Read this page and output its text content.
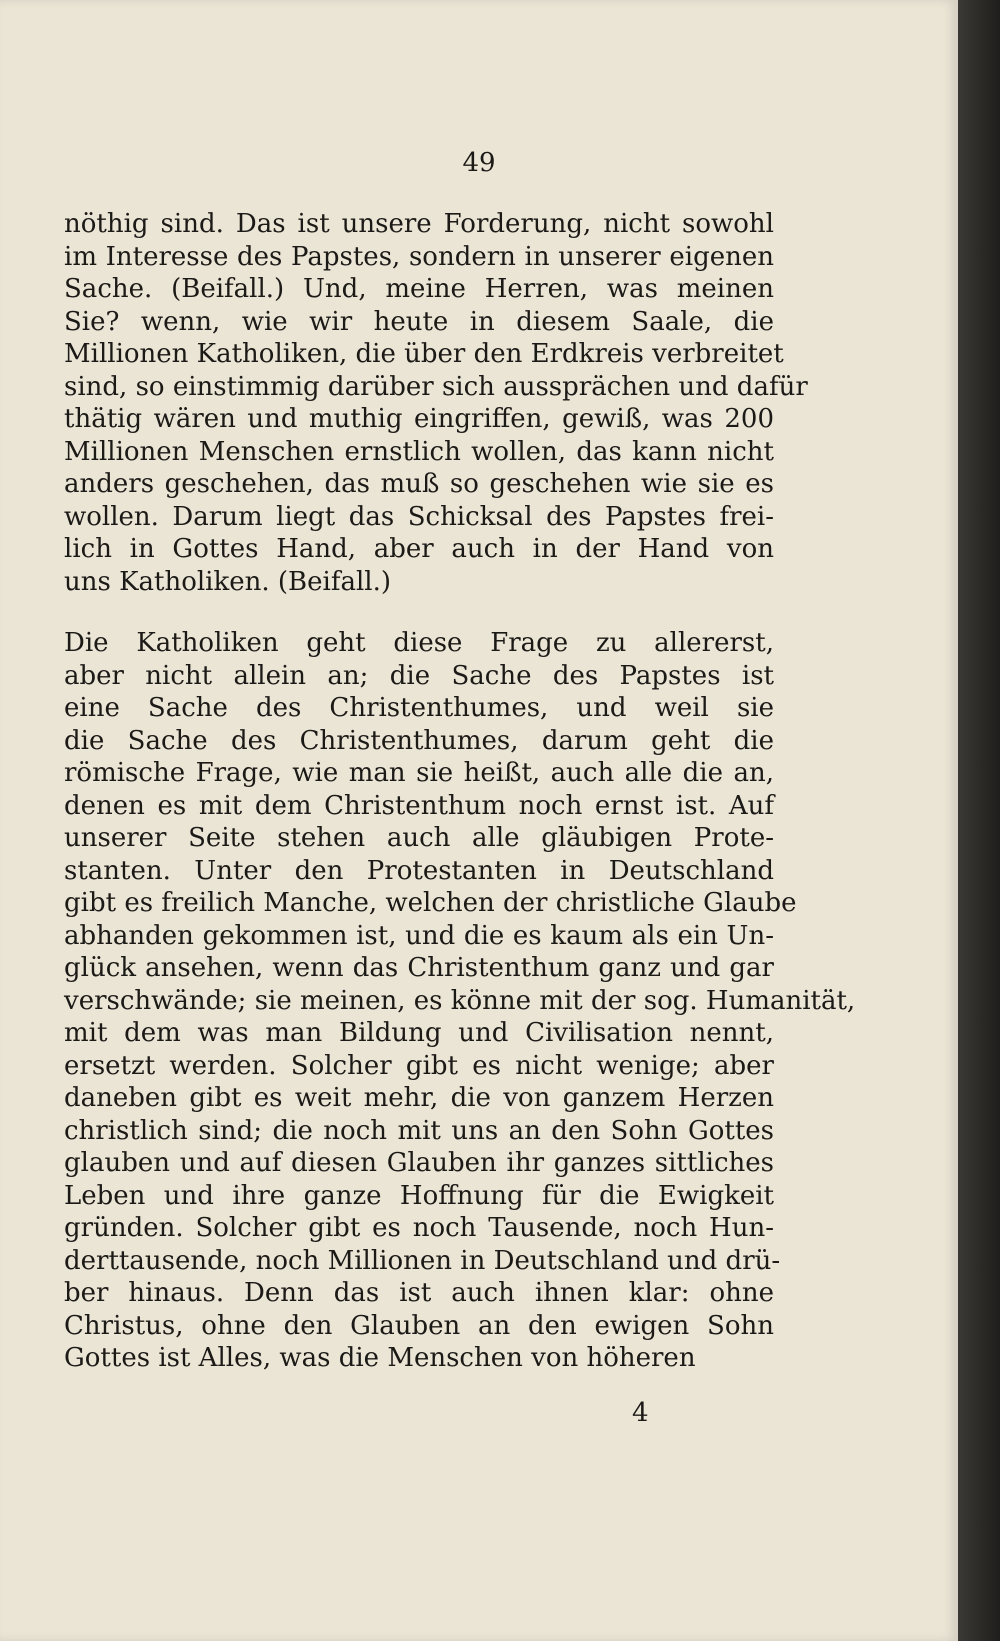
49
nöthig sind. Das ist unsere Forderung, nicht sowohl
im Interesse des Papstes, sondern in unserer eigenen
Sache. (Beifall.) Und, meine Herren, was meinen
Sie? wenn, wie wir heute in diesem Saale, die
Millionen Katholiken, die über den Erdkreis verbreitet
sind, so einstimmig darüber sich aussprächen und dafür
thätig wären und muthig eingriffen, gewiß, was 200
Millionen Menschen ernstlich wollen, das kann nicht
anders geschehen, das muß so geschehen wie sie es
wollen. Darum liegt das Schicksal des Papstes frei-
lich in Gottes Hand, aber auch in der Hand von
uns Katholiken. (Beifall.)
Die Katholiken geht diese Frage zu allererst,
aber nicht allein an; die Sache des Papstes ist
eine Sache des Christenthumes, und weil sie
die Sache des Christenthumes, darum geht die
römische Frage, wie man sie heißt, auch alle die an,
denen es mit dem Christenthum noch ernst ist. Auf
unserer Seite stehen auch alle gläubigen Prote-
stanten. Unter den Protestanten in Deutschland
gibt es freilich Manche, welchen der christliche Glaube
abhanden gekommen ist, und die es kaum als ein Un-
glück ansehen, wenn das Christenthum ganz und gar
verschwände; sie meinen, es könne mit der sog. Humanität,
mit dem was man Bildung und Civilisation nennt,
ersetzt werden. Solcher gibt es nicht wenige; aber
daneben gibt es weit mehr, die von ganzem Herzen
christlich sind; die noch mit uns an den Sohn Gottes
glauben und auf diesen Glauben ihr ganzes sittliches
Leben und ihre ganze Hoffnung für die Ewigkeit
gründen. Solcher gibt es noch Tausende, noch Hun-
derttausende, noch Millionen in Deutschland und drü-
ber hinaus. Denn das ist auch ihnen klar: ohne
Christus, ohne den Glauben an den ewigen Sohn
Gottes ist Alles, was die Menschen von höheren
4
